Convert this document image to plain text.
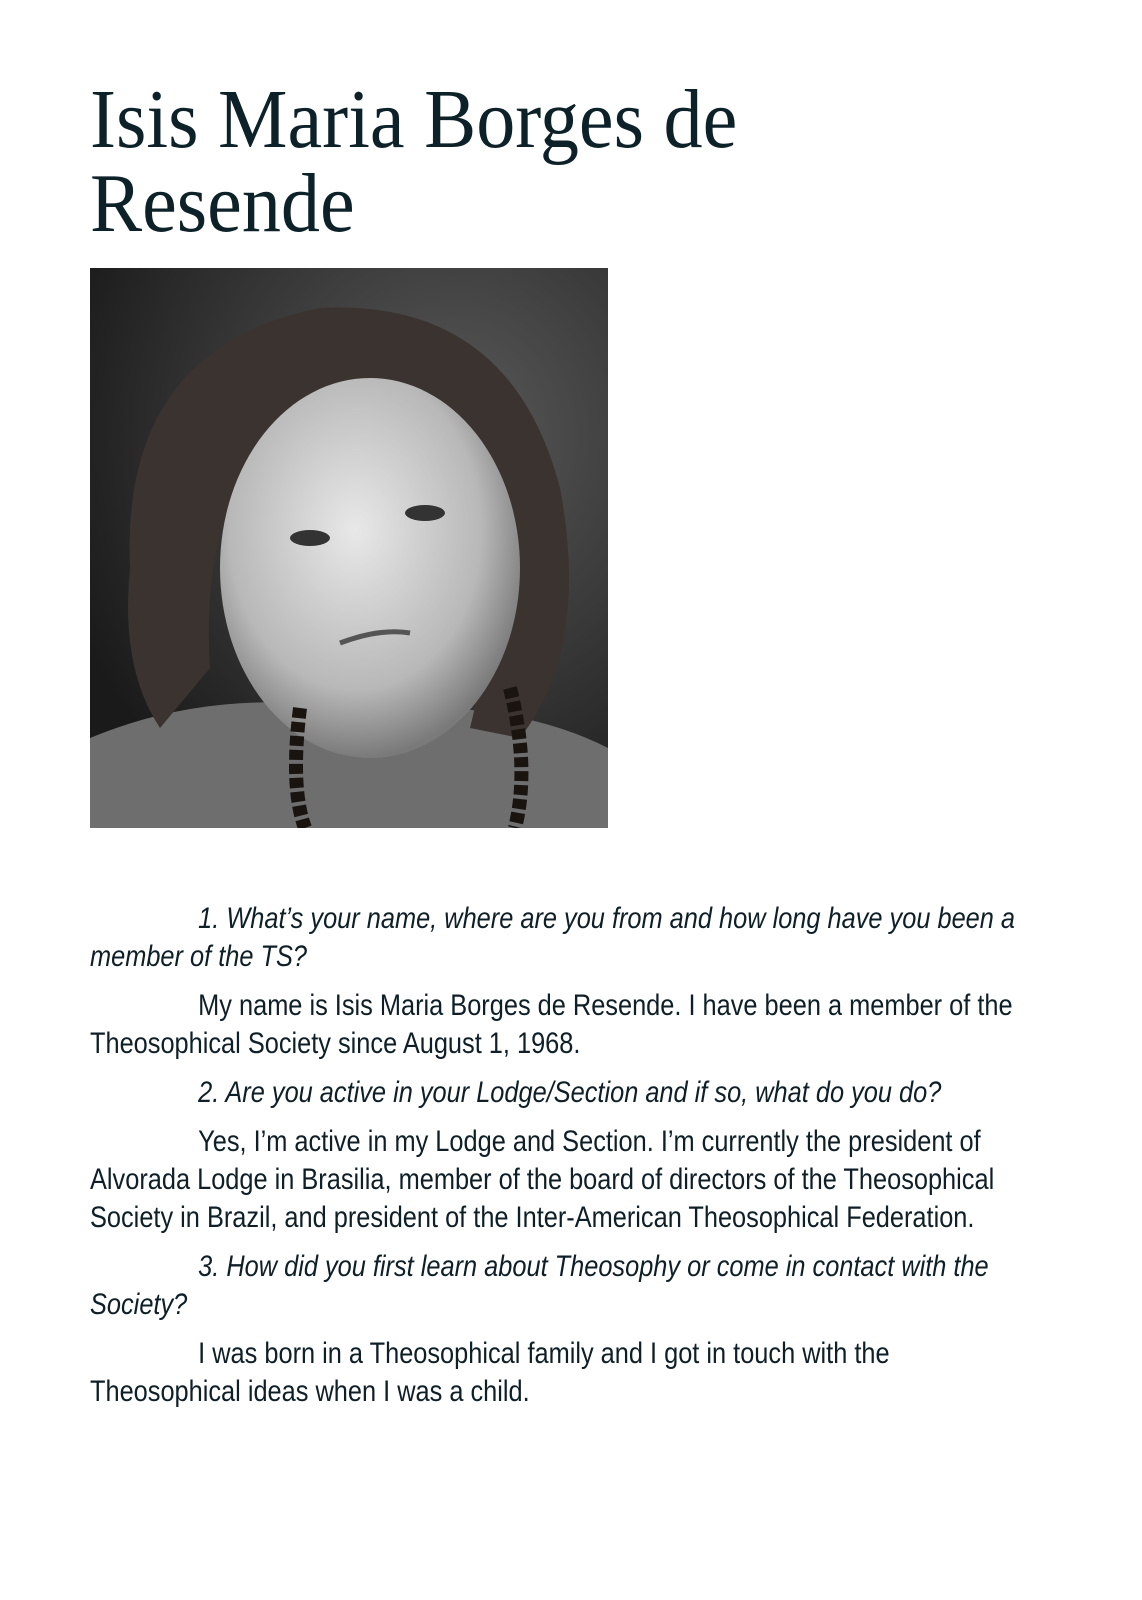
Isis Maria Borges de Resende

1. What’s your name, where are you from and how long have you been a member of the TS?

My name is Isis Maria Borges de Resende. I have been a member of the Theosophical Society since August 1, 1968.

2. Are you active in your Lodge/Section and if so, what do you do?

Yes, I’m active in my Lodge and Section. I’m currently the president of Alvorada Lodge in Brasilia, member of the board of directors of the Theosophical Society in Brazil, and president of the Inter-American Theosophical Federation.

3. How did you first learn about Theosophy or come in contact with the Society?

I was born in a Theosophical family and I got in touch with the Theosophical ideas when I was a child.
